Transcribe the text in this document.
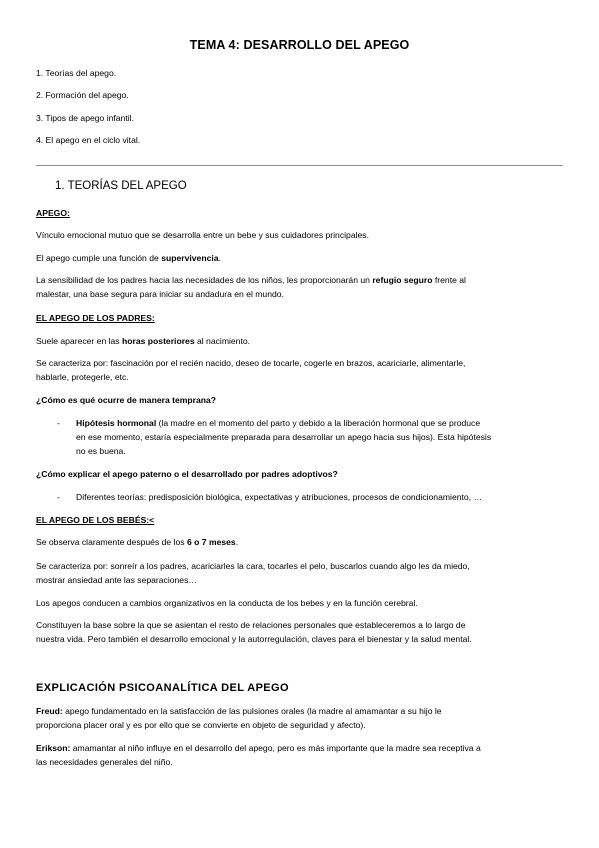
TEMA 4: DESARROLLO DEL APEGO
1. Teorías del apego.
2. Formación del apego.
3. Tipos de apego infantil.
4. El apego en el ciclo vital.
1. TEORÍAS DEL APEGO
APEGO:
Vínculo emocional mutuo que se desarrolla entre un bebe y sus cuidadores principales.
El apego cumple una función de supervivencia.
La sensibilidad de los padres hacia las necesidades de los niños, les proporcionarán un refugio seguro frente al
malestar, una base segura para iniciar su andadura en el mundo.
EL APEGO DE LOS PADRES:
Suele aparecer en las horas posteriores al nacimiento.
Se caracteriza por: fascinación por el recién nacido, deseo de tocarle, cogerle en brazos, acariciarle, alimentarle,
hablarle, protegerle, etc.
¿Cómo es qué ocurre de manera temprana?
- Hipótesis hormonal (la madre en el momento del parto y debido a la liberación hormonal que se produce
en ese momento, estaría especialmente preparada para desarrollar un apego hacia sus hijos). Esta hipótesis
no es buena.
¿Cómo explicar el apego paterno o el desarrollado por padres adoptivos?
- Diferentes teorías: predisposición biológica, expectativas y atribuciones, procesos de condicionamiento, …
EL APEGO DE LOS BEBÉS:<
Se observa claramente después de los 6 o 7 meses.
Se caracteriza por: sonreír a los padres, acariciarles la cara, tocarles el pelo, buscarlos cuando algo les da miedo,
mostrar ansiedad ante las separaciones…
Los apegos conducen a cambios organizativos en la conducta de los bebes y en la función cerebral.
Constituyen la base sobre la que se asientan el resto de relaciones personales que estableceremos a lo largo de
nuestra vida. Pero también el desarrollo emocional y la autorregulación, claves para el bienestar y la salud mental.
EXPLICACIÓN PSICOANALÍTICA DEL APEGO
Freud: apego fundamentado en la satisfacción de las pulsiones orales (la madre al amamantar a su hijo le
proporciona placer oral y es por ello que se convierte en objeto de seguridad y afecto).
Erikson: amamantar al niño influye en el desarrollo del apego, pero es más importante que la madre sea receptiva a
las necesidades generales del niño.
